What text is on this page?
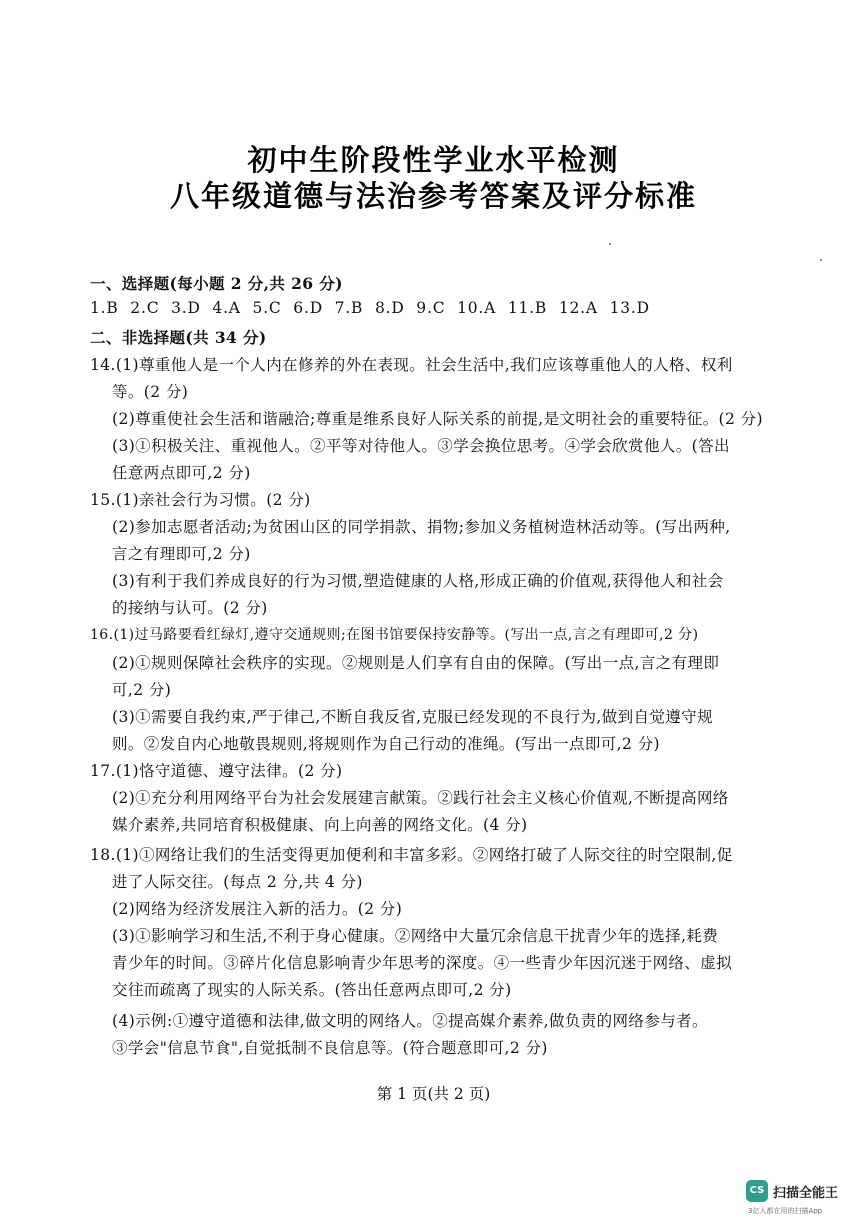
初中生阶段性学业水平检测
八年级道德与法治参考答案及评分标准
一、选择题(每小题 2 分,共 26 分)
1.B 2.C 3.D 4.A 5.C 6.D 7.B 8.D 9.C 10.A 11.B 12.A 13.D
二、非选择题(共 34 分)
14.(1)尊重他人是一个人内在修养的外在表现。社会生活中,我们应该尊重他人的人格、权利
等。(2 分)
(2)尊重使社会生活和谐融洽;尊重是维系良好人际关系的前提,是文明社会的重要特征。(2 分)
(3)①积极关注、重视他人。②平等对待他人。③学会换位思考。④学会欣赏他人。(答出
任意两点即可,2 分)
15.(1)亲社会行为习惯。(2 分)
(2)参加志愿者活动;为贫困山区的同学捐款、捐物;参加义务植树造林活动等。(写出两种,
言之有理即可,2 分)
(3)有利于我们养成良好的行为习惯,塑造健康的人格,形成正确的价值观,获得他人和社会
的接纳与认可。(2 分)
16.(1)过马路要看红绿灯,遵守交通规则;在图书馆要保持安静等。(写出一点,言之有理即可,2 分)
(2)①规则保障社会秩序的实现。②规则是人们享有自由的保障。(写出一点,言之有理即
可,2 分)
(3)①需要自我约束,严于律己,不断自我反省,克服已经发现的不良行为,做到自觉遵守规
则。②发自内心地敬畏规则,将规则作为自己行动的准绳。(写出一点即可,2 分)
17.(1)恪守道德、遵守法律。(2 分)
(2)①充分利用网络平台为社会发展建言献策。②践行社会主义核心价值观,不断提高网络
媒介素养,共同培育积极健康、向上向善的网络文化。(4 分)
18.(1)①网络让我们的生活变得更加便利和丰富多彩。②网络打破了人际交往的时空限制,促
进了人际交往。(每点 2 分,共 4 分)
(2)网络为经济发展注入新的活力。(2 分)
(3)①影响学习和生活,不利于身心健康。②网络中大量冗余信息干扰青少年的选择,耗费
青少年的时间。③碎片化信息影响青少年思考的深度。④一些青少年因沉迷于网络、虚拟
交往而疏离了现实的人际关系。(答出任意两点即可,2 分)
(4)示例:①遵守道德和法律,做文明的网络人。②提高媒介素养,做负责的网络参与者。
③学会"信息节食",自觉抵制不良信息等。(符合题意即可,2 分)
第 1 页(共 2 页)
CS 扫描全能王
3亿人都在用的扫描App
